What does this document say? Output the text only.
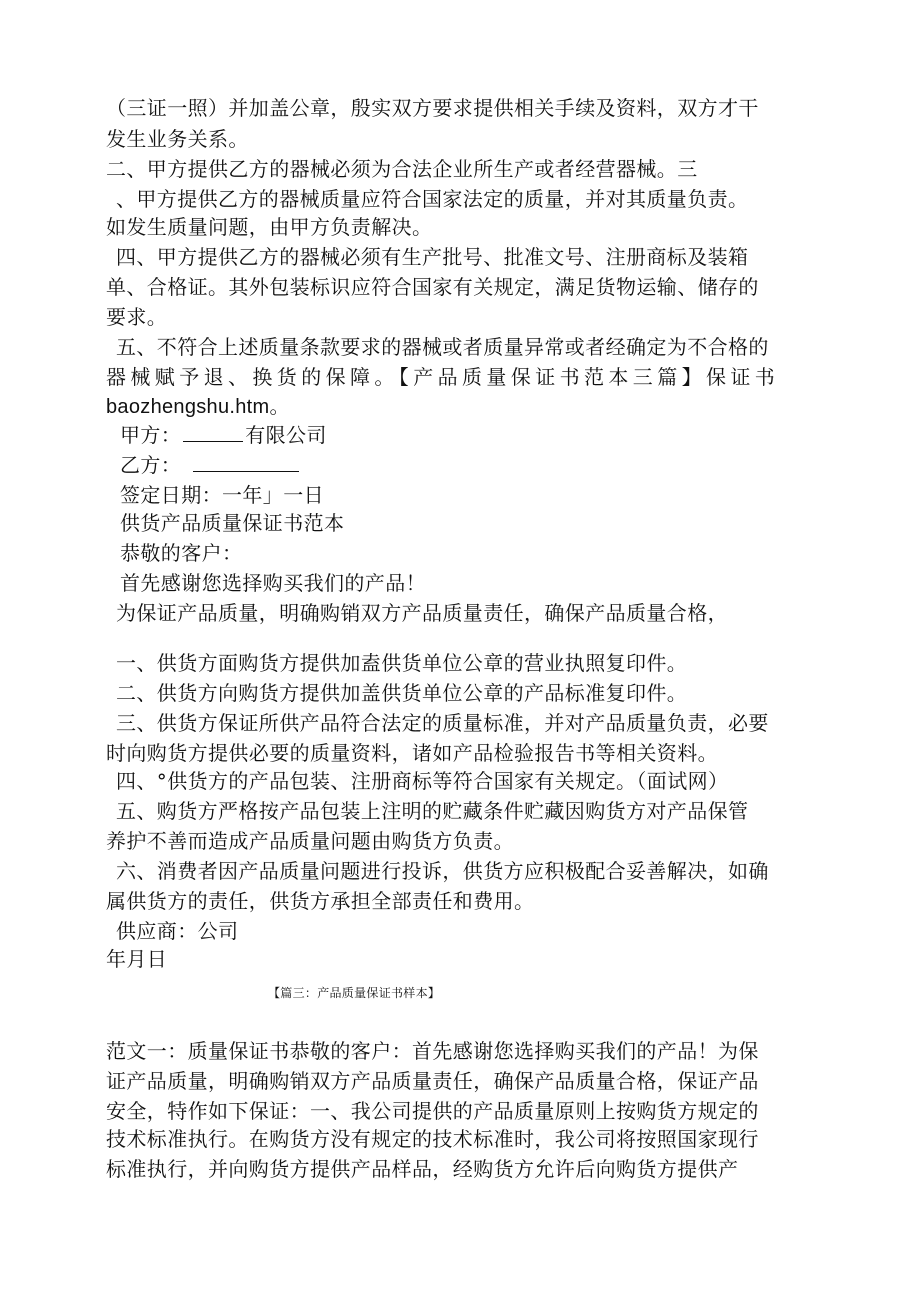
（三证一照）并加盖公章，殷实双方要求提供相关手续及资料，双方才干
发生业务关系。
二、甲方提供乙方的器械必须为合法企业所生产或者经营器械。三
、甲方提供乙方的器械质量应符合国家法定的质量，并对其质量负责。
如发生质量问题，由甲方负责解决。
四、甲方提供乙方的器械必须有生产批号、批准文号、注册商标及装箱
单、合格证。其外包装标识应符合国家有关规定，满足货物运输、储存的
要求。
五、不符合上述质量条款要求的器械或者质量异常或者经确定为不合格的
器械赋予退、换货的保障。【产品质量保证书范本三篇】保证书
baozhengshu.htm。
甲方：	有限公司
乙方：
签定日期：一年」一日
供货产品质量保证书范本
恭敬的客户：
首先感谢您选择购买我们的产品！
为保证产品质量，明确购销双方产品质量责任，确保产品质量合格，
一、供货方面购货方提供加盍供货单位公章的营业执照复印件。
二、供货方向购货方提供加盖供货单位公章的产品标准复印件。
三、供货方保证所供产品符合法定的质量标准，并对产品质量负责，必要
时向购货方提供必要的质量资料，诸如产品检验报告书等相关资料。
四、°供货方的产品包装、注册商标等符合国家有关规定。（面试网）
五、购货方严格按产品包装上注明的贮藏条件贮藏因购货方对产品保管
养护不善而造成产品质量问题由购货方负责。
六、消费者因产品质量问题进行投诉，供货方应积极配合妥善解决，如确
属供货方的责任，供货方承担全部责任和费用。
供应商：公司
年月日
【篇三：产品质量保证书样本】
范文一：质量保证书恭敬的客户：首先感谢您选择购买我们的产品！为保
证产品质量，明确购销双方产品质量责任，确保产品质量合格，保证产品
安全，特作如下保证：一、我公司提供的产品质量原则上按购货方规定的
技术标准执行。在购货方没有规定的技术标准时，我公司将按照国家现行
标准执行，并向购货方提供产品样品，经购货方允许后向购货方提供产
